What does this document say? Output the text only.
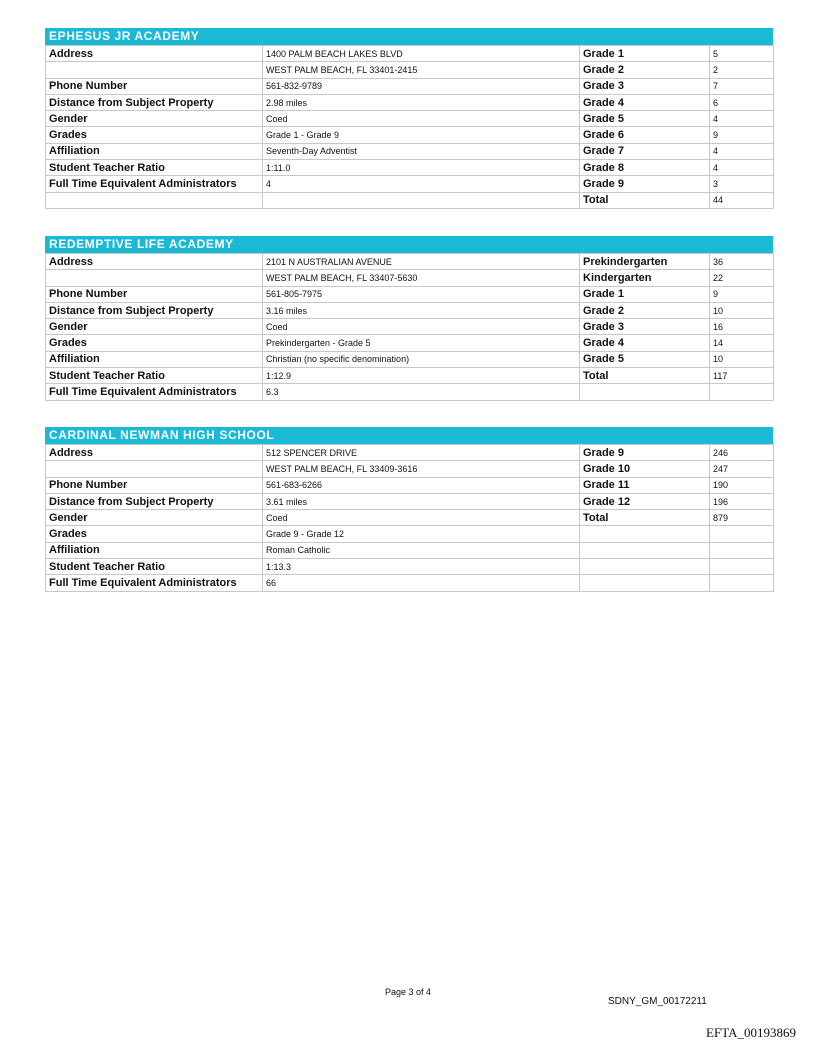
EPHESUS JR ACADEMY
Address	1400 PALM BEACH LAKES BLVD	Grade 1	5
	WEST PALM BEACH, FL 33401-2415	Grade 2	2
Phone Number	561-832-9789	Grade 3	7
Distance from Subject Property	2.98 miles	Grade 4	6
Gender	Coed	Grade 5	4
Grades	Grade 1 - Grade 9	Grade 6	9
Affiliation	Seventh-Day Adventist	Grade 7	4
Student Teacher Ratio	1:11.0	Grade 8	4
Full Time Equivalent Administrators	4	Grade 9	3
		Total	44
REDEMPTIVE LIFE ACADEMY
Address	2101 N AUSTRALIAN AVENUE	Prekindergarten	36
	WEST PALM BEACH, FL 33407-5630	Kindergarten	22
Phone Number	561-805-7975	Grade 1	9
Distance from Subject Property	3.16 miles	Grade 2	10
Gender	Coed	Grade 3	16
Grades	Prekindergarten - Grade 5	Grade 4	14
Affiliation	Christian (no specific denomination)	Grade 5	10
Student Teacher Ratio	1:12.9	Total	117
Full Time Equivalent Administrators	6.3		
CARDINAL NEWMAN HIGH SCHOOL
Address	512 SPENCER DRIVE	Grade 9	246
	WEST PALM BEACH, FL 33409-3616	Grade 10	247
Phone Number	561-683-6266	Grade 11	190
Distance from Subject Property	3.61 miles	Grade 12	196
Gender	Coed	Total	879
Grades	Grade 9 - Grade 12		
Affiliation	Roman Catholic		
Student Teacher Ratio	1:13.3		
Full Time Equivalent Administrators	66		
Page 3 of 4
SDNY_GM_00172211
EFTA_00193869
